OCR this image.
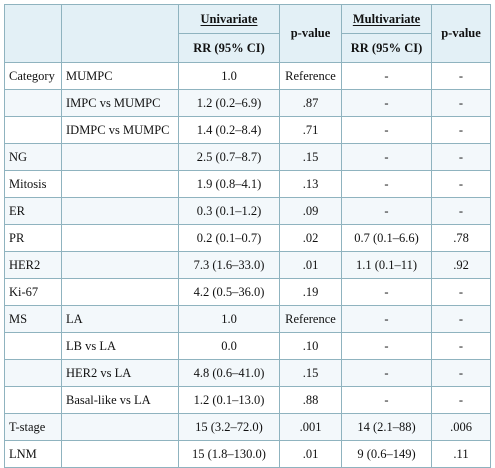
		Univariate	p-value	Multivariate	p-value
		RR (95% CI)		RR (95% CI)	
Category	MUMPC	1.0	Reference	-	-
	IMPC vs MUMPC	1.2 (0.2–6.9)	.87	-	-
	IDMPC vs MUMPC	1.4 (0.2–8.4)	.71	-	-
NG		2.5 (0.7–8.7)	.15	-	-
Mitosis		1.9 (0.8–4.1)	.13	-	-
ER		0.3 (0.1–1.2)	.09	-	-
PR		0.2 (0.1–0.7)	.02	0.7 (0.1–6.6)	.78
HER2		7.3 (1.6–33.0)	.01	1.1 (0.1–11)	.92
Ki-67		4.2 (0.5–36.0)	.19	-	-
MS	LA	1.0	Reference	-	-
	LB vs LA	0.0	.10	-	-
	HER2 vs LA	4.8 (0.6–41.0)	.15	-	-
	Basal-like vs LA	1.2 (0.1–13.0)	.88	-	-
T-stage		15 (3.2–72.0)	.001	14 (2.1–88)	.006
LNM		15 (1.8–130.0)	.01	9 (0.6–149)	.11
